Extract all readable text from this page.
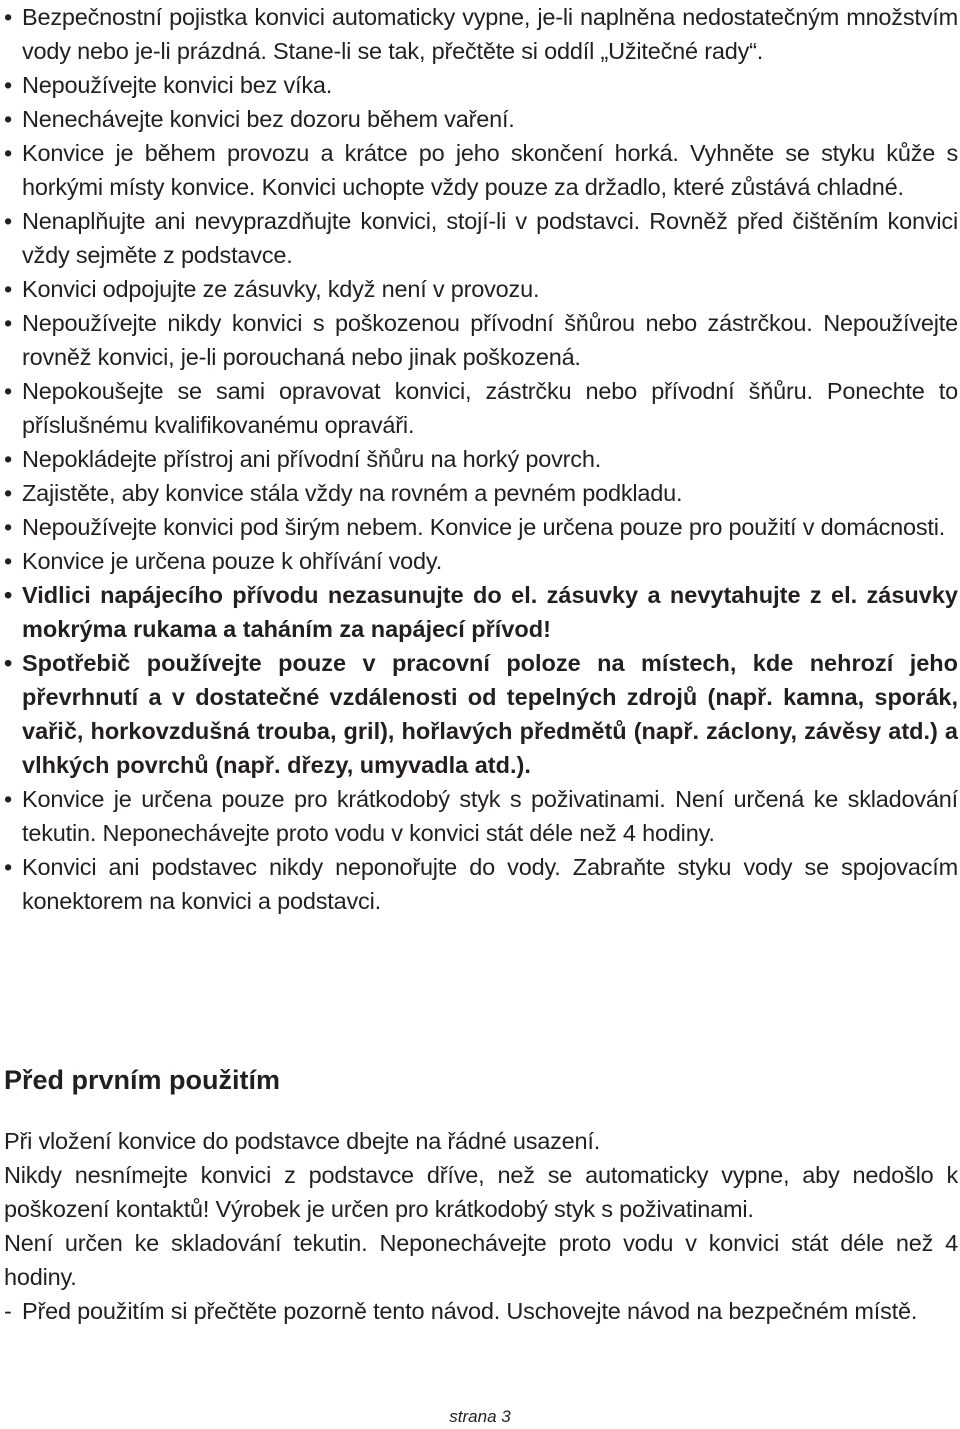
• Bezpečnostní pojistka konvici automaticky vypne, je-li naplněna nedostatečným množstvím vody nebo je-li prázdná. Stane-li se tak, přečtěte si oddíl „Užitečné rady“.
• Nepoužívejte konvici bez víka.
• Nenechávejte konvici bez dozoru během vaření.
• Konvice je během provozu a krátce po jeho skončení horká. Vyhněte se styku kůže s horkými místy konvice. Konvici uchopte vždy pouze za držadlo, které zůstává chladné.
• Nenaplňujte ani nevyprazdňujte konvici, stojí-li v podstavci. Rovněž před čištěním konvici vždy sejměte z podstavce.
• Konvici odpojujte ze zásuvky, když není v provozu.
• Nepoužívejte nikdy konvici s poškozenou přívodní šňůrou nebo zástrčkou. Nepoužívejte rovněž konvici, je-li porouchaná nebo jinak poškozená.
• Nepokoušejte se sami opravovat konvici, zástrčku nebo přívodní šňůru. Ponechte to příslušnému kvalifikovanému opraváři.
• Nepokládejte přístroj ani přívodní šňůru na horký povrch.
• Zajistěte, aby konvice stála vždy na rovném a pevném podkladu.
• Nepoužívejte konvici pod širým nebem. Konvice je určena pouze pro použití v domácnosti.
• Konvice je určena pouze k ohřívání vody.
• Vidlici napájecího přívodu nezasunujte do el. zásuvky a nevytahujte z el. zásuvky mokrýma rukama a taháním za napájecí přívod!
• Spotřebič používejte pouze v pracovní poloze na místech, kde nehrozí jeho převrhnutí a v dostatečné vzdálenosti od tepelných zdrojů (např. kamna, sporák, vařič, horkovzdušná trouba, gril), hořlavých předmětů (např. záclony, závěsy atd.) a vlhkých povrchů (např. dřezy, umyvadla atd.).
• Konvice je určena pouze pro krátkodobý styk s poživatinami. Není určená ke skladování tekutin. Neponechávejte proto vodu v konvici stát déle než 4 hodiny.
• Konvici ani podstavec nikdy neponořujte do vody. Zabraňte styku vody se spojovacím konektorem na konvici a podstavci.
Před prvním použitím

Při vložení konvice do podstavce dbejte na řádné usazení.

Nikdy nesnímejte konvici z podstavce dříve, než se automaticky vypne, aby nedošlo k poškození kontaktů! Výrobek je určen pro krátkodobý styk s poživatinami.

Není určen ke skladování tekutin. Neponechávejte proto vodu v konvici stát déle než 4 hodiny.

- Před použitím si přečtěte pozorně tento návod. Uschovejte návod na bezpečném místě.

strana 3
